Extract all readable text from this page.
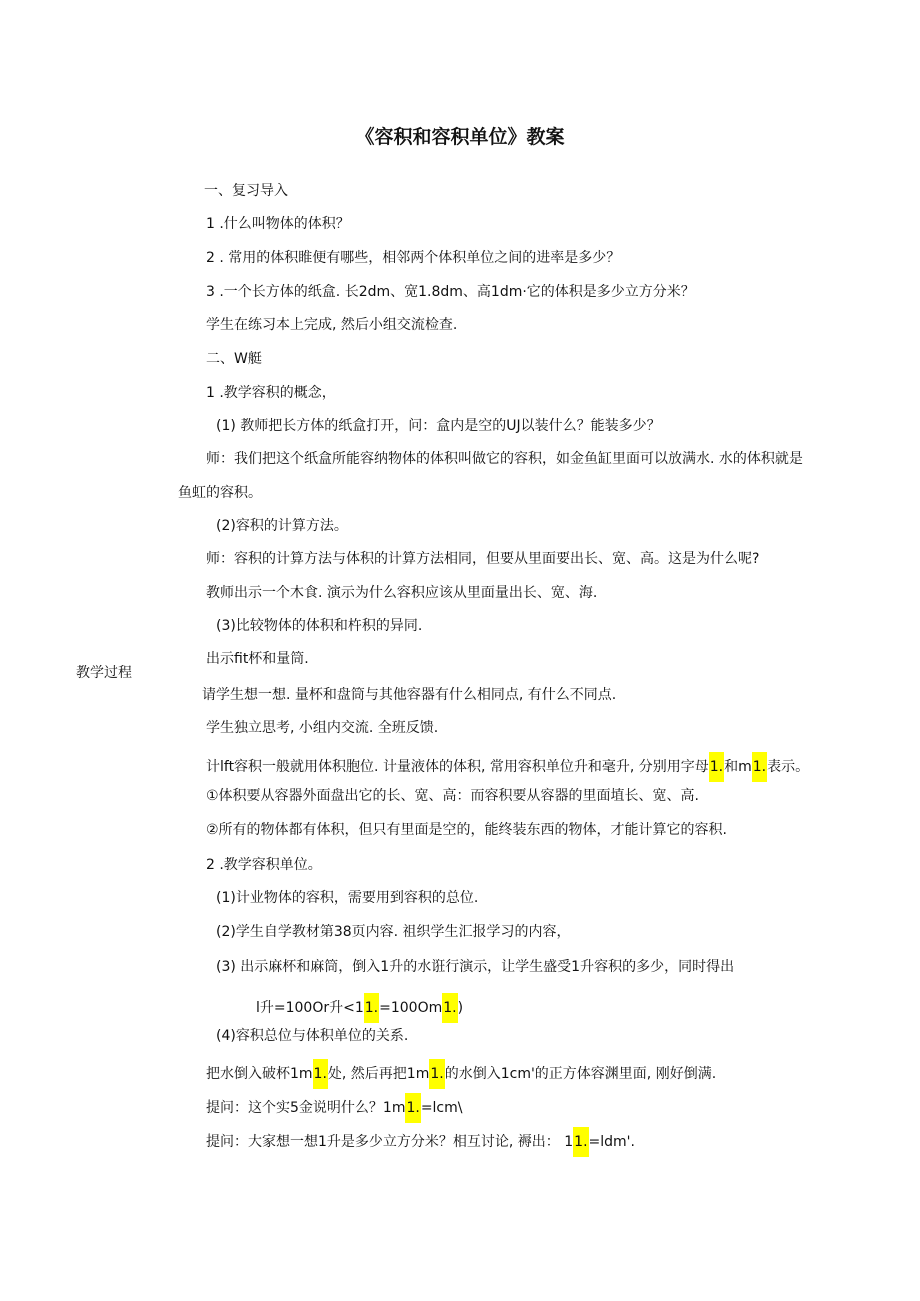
《容积和容积单位》教案
教学过程
一、复习导入
1 .什么叫物体的体积？
2 . 常用的体积睢便有哪些，相邻两个体积单位之间的进率是多少？
3 .一个长方体的纸盒. 长2dm、宽1.8dm、高1dm·它的体积是多少立方分米？
学生在练习本上完成, 然后小组交流检查.
二、W艇
1 .教学容积的概念，
(1) 教师把长方体的纸盒打开，问：盒内是空的UJ以装什么？能装多少？
师：我们把这个纸盒所能容纳物体的体积叫做它的容积，如金鱼缸里面可以放满水. 水的体积就是
鱼虹的容积。
(2)容积的计算方法。
师：容积的计算方法与体积的计算方法相同，但要从里面要出长、宽、高。这是为什么呢?
教师出示一个木食. 演示为什么容积应该从里面量出长、宽、海.
(3)比较物体的体积和杵积的异同.
出示fit杯和量筒.
请学生想一想. 量杯和盘筒与其他容器有什么相同点, 有什么不同点.
学生独立思考, 小组内交流. 全班反馈.
计lft容积一般就用体积胞位. 计量液体的体积, 常用容积单位升和毫升, 分别用字母1.和m1.表示。
①体积要从容器外面盘出它的长、宽、高：而容积要从容器的里面埴长、宽、高.
②所有的物体都有体积，但只有里面是空的，能终装东西的物体，才能计算它的容积.
2 .教学容积单位。
(1)计业物体的容积，需要用到容积的总位.
(2)学生自学教材第38页内容. 祖织学生汇报学习的内容，
(3) 出示麻杯和麻筒，倒入1升的水诳行演示，让学生盛受1升容积的多少，同时得出
l升=100Or升<11.=100Om1.)
(4)容积总位与体积单位的关系.
把水倒入破杯1m1.处, 然后再把1m1.的水倒入1cm'的正方体容渊里面, 刚好倒满.
提问：这个实5金说明什么？1m1.=lcm\
提问：大家想一想1升是多少立方分米？相互讨论, 褥出： 11.=ldm'.
